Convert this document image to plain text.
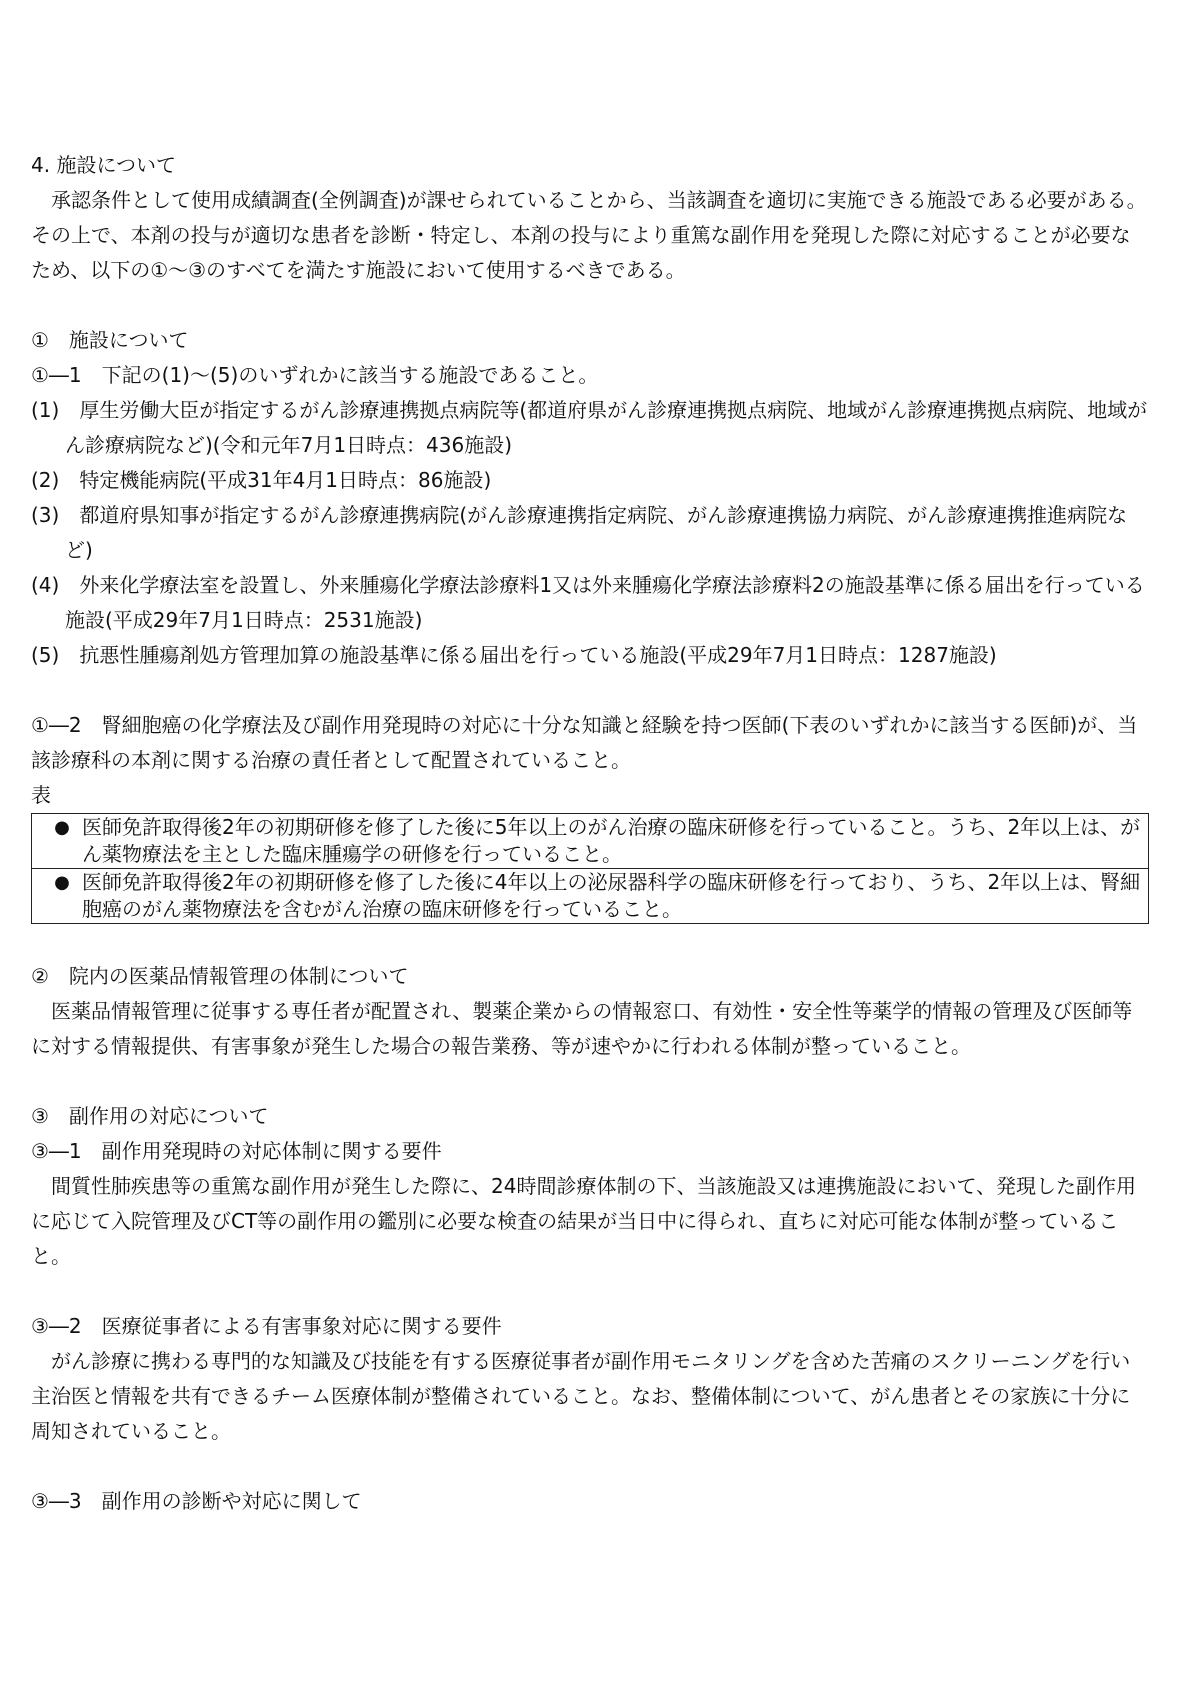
4. 施設について
承認条件として使用成績調査(全例調査)が課せられていることから、当該調査を適切に実施できる施設である必要がある。その上で、本剤の投与が適切な患者を診断・特定し、本剤の投与により重篤な副作用を発現した際に対応することが必要なため、以下の①～③のすべてを満たす施設において使用するべきである。
①　施設について
①―1　下記の(1)～(5)のいずれかに該当する施設であること。
(1)　厚生労働大臣が指定するがん診療連携拠点病院等(都道府県がん診療連携拠点病院、地域がん診療連携拠点病院、地域がん診療病院など)(令和元年7月1日時点：436施設)
(2)　特定機能病院(平成31年4月1日時点：86施設)
(3)　都道府県知事が指定するがん診療連携病院(がん診療連携指定病院、がん診療連携協力病院、がん診療連携推進病院など)
(4)　外来化学療法室を設置し、外来腫瘍化学療法診療料1又は外来腫瘍化学療法診療料2の施設基準に係る届出を行っている施設(平成29年7月1日時点：2531施設)
(5)　抗悪性腫瘍剤処方管理加算の施設基準に係る届出を行っている施設(平成29年7月1日時点：1287施設)
①―2　腎細胞癌の化学療法及び副作用発現時の対応に十分な知識と経験を持つ医師(下表のいずれかに該当する医師)が、当該診療科の本剤に関する治療の責任者として配置されていること。
表
● 医師免許取得後2年の初期研修を修了した後に5年以上のがん治療の臨床研修を行っていること。うち、2年以上は、がん薬物療法を主とした臨床腫瘍学の研修を行っていること。

● 医師免許取得後2年の初期研修を修了した後に4年以上の泌尿器科学の臨床研修を行っており、うち、2年以上は、腎細胞癌のがん薬物療法を含むがん治療の臨床研修を行っていること。
②　院内の医薬品情報管理の体制について
医薬品情報管理に従事する専任者が配置され、製薬企業からの情報窓口、有効性・安全性等薬学的情報の管理及び医師等に対する情報提供、有害事象が発生した場合の報告業務、等が速やかに行われる体制が整っていること。
③　副作用の対応について
③―1　副作用発現時の対応体制に関する要件
間質性肺疾患等の重篤な副作用が発生した際に、24時間診療体制の下、当該施設又は連携施設において、発現した副作用に応じて入院管理及びCT等の副作用の鑑別に必要な検査の結果が当日中に得られ、直ちに対応可能な体制が整っていること。
③―2　医療従事者による有害事象対応に関する要件
がん診療に携わる専門的な知識及び技能を有する医療従事者が副作用モニタリングを含めた苦痛のスクリーニングを行い主治医と情報を共有できるチーム医療体制が整備されていること。なお、整備体制について、がん患者とその家族に十分に周知されていること。
③―3　副作用の診断や対応に関して
